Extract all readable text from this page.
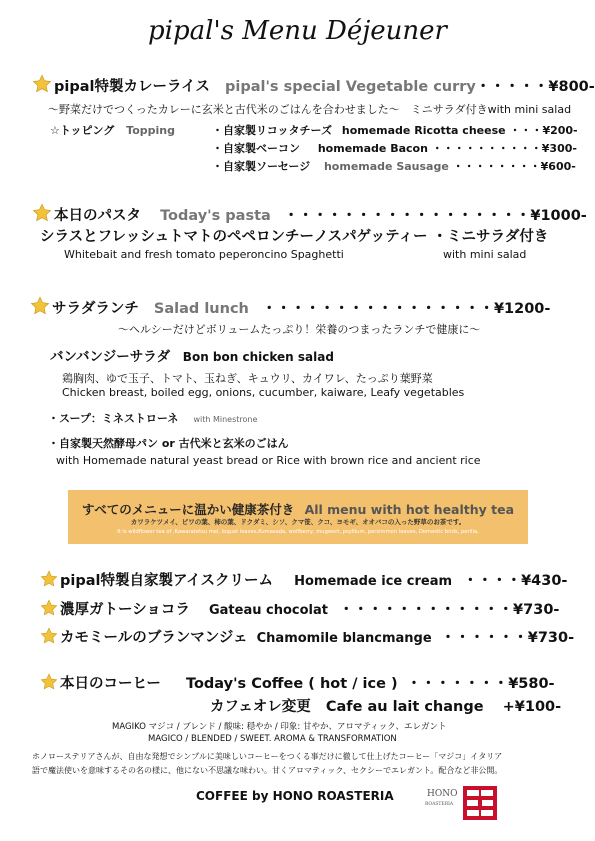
pipal's Menu Déjeuner
pipal特製カレーライス pipal's special Vegetable curry・・・・・¥800-
～野菜だけでつくったカレーに玄米と古代米のごはんを合わせました～　ミニサラダ付きwith mini salad
☆トッピング Topping	・自家製リコッタチーズ homemade Ricotta cheese ・・・¥200-
・自家製ベーコン homemade Bacon ・・・・・・・・・・¥300-
・自家製ソーセージ homemade Sausage ・・・・・・・・¥600-
本日のパスタ Today's pasta ・・・・・・・・・・・・・・・・・¥1000-
シラスとフレッシュトマトのペペロンチーノスパゲッティー ・ミニサラダ付き
Whitebait and fresh tomato peperoncino Spaghetti	with mini salad
サラダランチ Salad lunch ・・・・・・・・・・・・・・・・¥1200-
～ヘルシーだけどボリュームたっぷり！栄養のつまったランチで健康に～
バンバンジーサラダ Bon bon chicken salad
鶏胸肉、ゆで玉子、トマト、玉ねぎ、キュウリ、カイワレ、たっぷり葉野菜
Chicken breast, boiled egg, onions, cucumber, kaiware, Leafy vegetables
・スープ：ミネストローネ with Minestrone
・自家製天然酵母パン or 古代米と玄米のごはん
with Homemade natural yeast bread or Rice with brown rice and ancient rice
すべてのメニューに温かい健康茶付き All menu with hot healthy tea
カワラケツメイ、ビワの葉、柿の葉、ドクダミ、シソ、クマ笹、クコ、ヨモギ、オオバコの入った野草のお茶です。
It is wildflower tea of ,Kawaratetsu mei, loquat leaves,Kumasada, wolfberry, mugwort, psyllium, persimmon leaves, Domestic birds, perilla,
pipal特製自家製アイスクリーム Homemade ice cream ・・・・¥430-
濃厚ガトーショコラ Gateau chocolat ・・・・・・・・・・・・¥730-
カモミールのブランマンジェ Chamomile blancmange ・・・・・・¥730-
本日のコーヒー Today's Coffee ( hot / ice ) ・・・・・・・¥580-
カフェオレ変更 Cafe au lait change +¥100-
MAGIKO マジコ / ブレンド / 酸味: 穏やか / 印象: 甘やか、アロマティック、エレガント
MAGICO / BLENDED / SWEET. AROMA & TRANSFORMATION
ホノローステリアさんが、自由な発想でシンプルに美味しいコーヒーをつくる事だけに徹して仕上げたコーヒー「マジコ」イタリア
語で魔法使いを意味するその名の様に、他にない不思議な味わい。甘くアロマティック、セクシーでエレガント。配合など非公開。
COFFEE by HONO ROASTERIA	HONO
ROASTERIA
